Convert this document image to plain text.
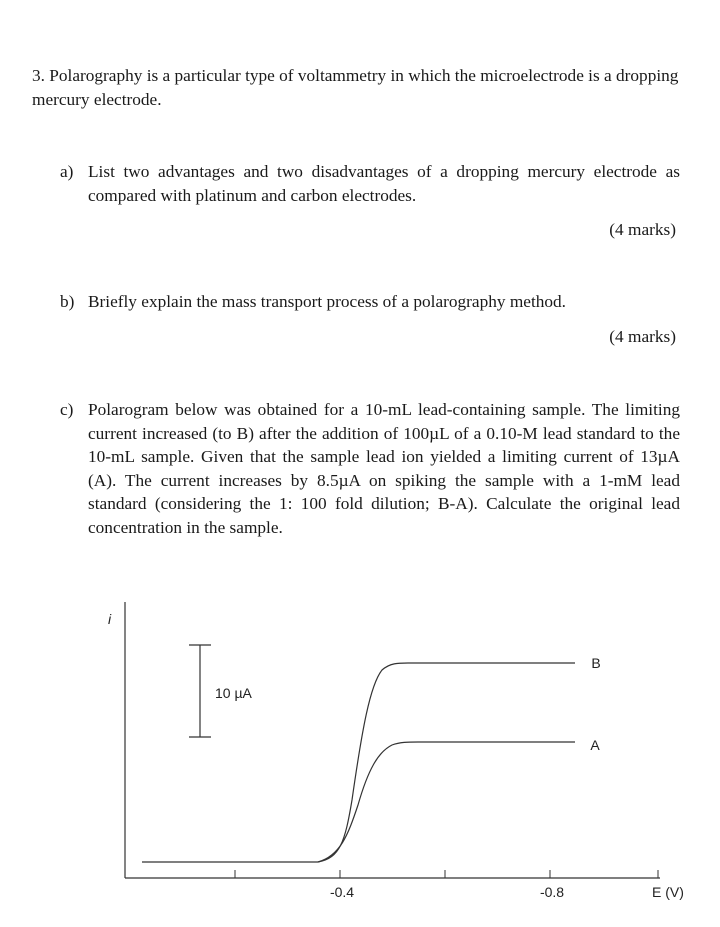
3. Polarography is a particular type of voltammetry in which the microelectrode is a dropping mercury electrode.
a) List two advantages and two disadvantages of a dropping mercury electrode as compared with platinum and carbon electrodes.
(4 marks)
b) Briefly explain the mass transport process of a polarography method.
(4 marks)
c) Polarogram below was obtained for a 10-mL lead-containing sample. The limiting current increased (to B) after the addition of 100µL of a 0.10-M lead standard to the 10-mL sample. Given that the sample lead ion yielded a limiting current of 13µA (A). The current increases by 8.5µA on spiking the sample with a 1-mM lead standard (considering the 1: 100 fold dilution; B-A). Calculate the original lead concentration in the sample.
i
-0.4	-0.8	E (V)
10 µA
B
A
